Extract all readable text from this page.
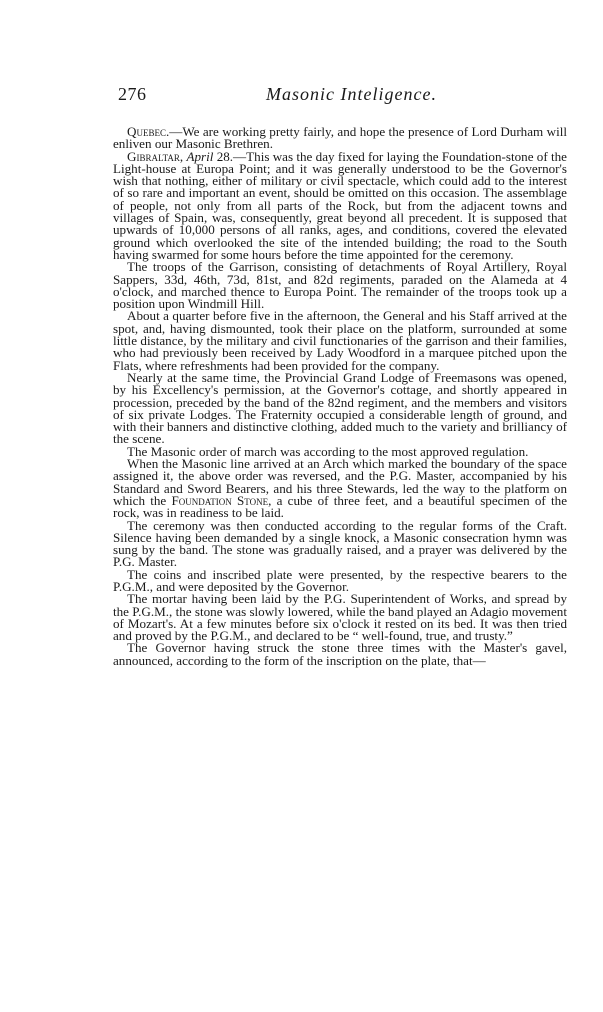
276	Masonic Inteligence.

Quebec.—We are working pretty fairly, and hope the presence of Lord Durham will enliven our Masonic Brethren.

Gibraltar, April 28.—This was the day fixed for laying the Foundation-stone of the Light-house at Europa Point; and it was generally understood to be the Governor's wish that nothing, either of military or civil spectacle, which could add to the interest of so rare and important an event, should be omitted on this occasion. The assemblage of people, not only from all parts of the Rock, but from the adjacent towns and villages of Spain, was, consequently, great beyond all precedent. It is supposed that upwards of 10,000 persons of all ranks, ages, and conditions, covered the elevated ground which overlooked the site of the intended building; the road to the South having swarmed for some hours before the time appointed for the ceremony.

The troops of the Garrison, consisting of detachments of Royal Artillery, Royal Sappers, 33d, 46th, 73d, 81st, and 82d regiments, paraded on the Alameda at 4 o'clock, and marched thence to Europa Point. The remainder of the troops took up a position upon Windmill Hill.

About a quarter before five in the afternoon, the General and his Staff arrived at the spot, and, having dismounted, took their place on the platform, surrounded at some little distance, by the military and civil functionaries of the garrison and their families, who had previously been received by Lady Woodford in a marquee pitched upon the Flats, where refreshments had been provided for the company.

Nearly at the same time, the Provincial Grand Lodge of Freemasons was opened, by his Excellency's permission, at the Governor's cottage, and shortly appeared in procession, preceded by the band of the 82nd regiment, and the members and visitors of six private Lodges. The Fraternity occupied a considerable length of ground, and with their banners and distinctive clothing, added much to the variety and brilliancy of the scene.

The Masonic order of march was according to the most approved regulation.

When the Masonic line arrived at an Arch which marked the boundary of the space assigned it, the above order was reversed, and the P.G. Master, accompanied by his Standard and Sword Bearers, and his three Stewards, led the way to the platform on which the Foundation Stone, a cube of three feet, and a beautiful specimen of the rock, was in readiness to be laid.

The ceremony was then conducted according to the regular forms of the Craft. Silence having been demanded by a single knock, a Masonic consecration hymn was sung by the band. The stone was gradually raised, and a prayer was delivered by the P.G. Master.

The coins and inscribed plate were presented, by the respective bearers to the P.G.M., and were deposited by the Governor.

The mortar having been laid by the P.G. Superintendent of Works, and spread by the P.G.M., the stone was slowly lowered, while the band played an Adagio movement of Mozart's. At a few minutes before six o'clock it rested on its bed. It was then tried and proved by the P.G.M., and declared to be “ well-found, true, and trusty.”

The Governor having struck the stone three times with the Master's gavel, announced, according to the form of the inscription on the plate, that—
